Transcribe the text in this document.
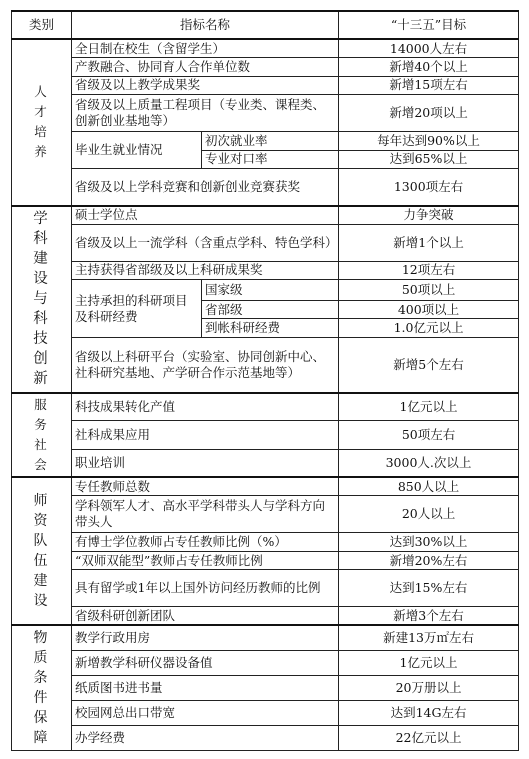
类别	指标名称		“十三五”目标
人才培养	全日制在校生（含留学生）		14000人左右
	产教融合、协同育人合作单位数		新增40个以上
	省级及以上教学成果奖		新增15项左右
	省级及以上质量工程项目（专业类、课程类、创新创业基地等）		新增20项以上
	毕业生就业情况	初次就业率	每年达到90%以上
		专业对口率	达到65%以上
	省级及以上学科竞赛和创新创业竞赛获奖		1300项左右
学科建设与科技创新	硕士学位点		力争突破
	省级及以上一流学科（含重点学科、特色学科）		新增1个以上
	主持获得省部级及以上科研成果奖		12项左右
	主持承担的科研项目及科研经费	国家级	50项以上
		省部级	400项以上
		到帐科研经费	1.0亿元以上
	省级以上科研平台（实验室、协同创新中心、社科研究基地、产学研合作示范基地等）		新增5个左右
服务社会	科技成果转化产值		1亿元以上
	社科成果应用		50项左右
	职业培训		3000人.次以上
师资队伍建设	专任教师总数		850人以上
	学科领军人才、高水平学科带头人与学科方向带头人		20人以上
	有博士学位教师占专任教师比例（%）		达到30%以上
	“双师双能型”教师占专任教师比例		新增20%左右
	具有留学或1年以上国外访问经历教师的比例		达到15%左右
	省级科研创新团队		新增3个左右
物质条件保障	教学行政用房		新建13万㎡左右
	新增教学科研仪器设备值		1亿元以上
	纸质图书进书量		20万册以上
	校园网总出口带宽		达到14G左右
	办学经费		22亿元以上
